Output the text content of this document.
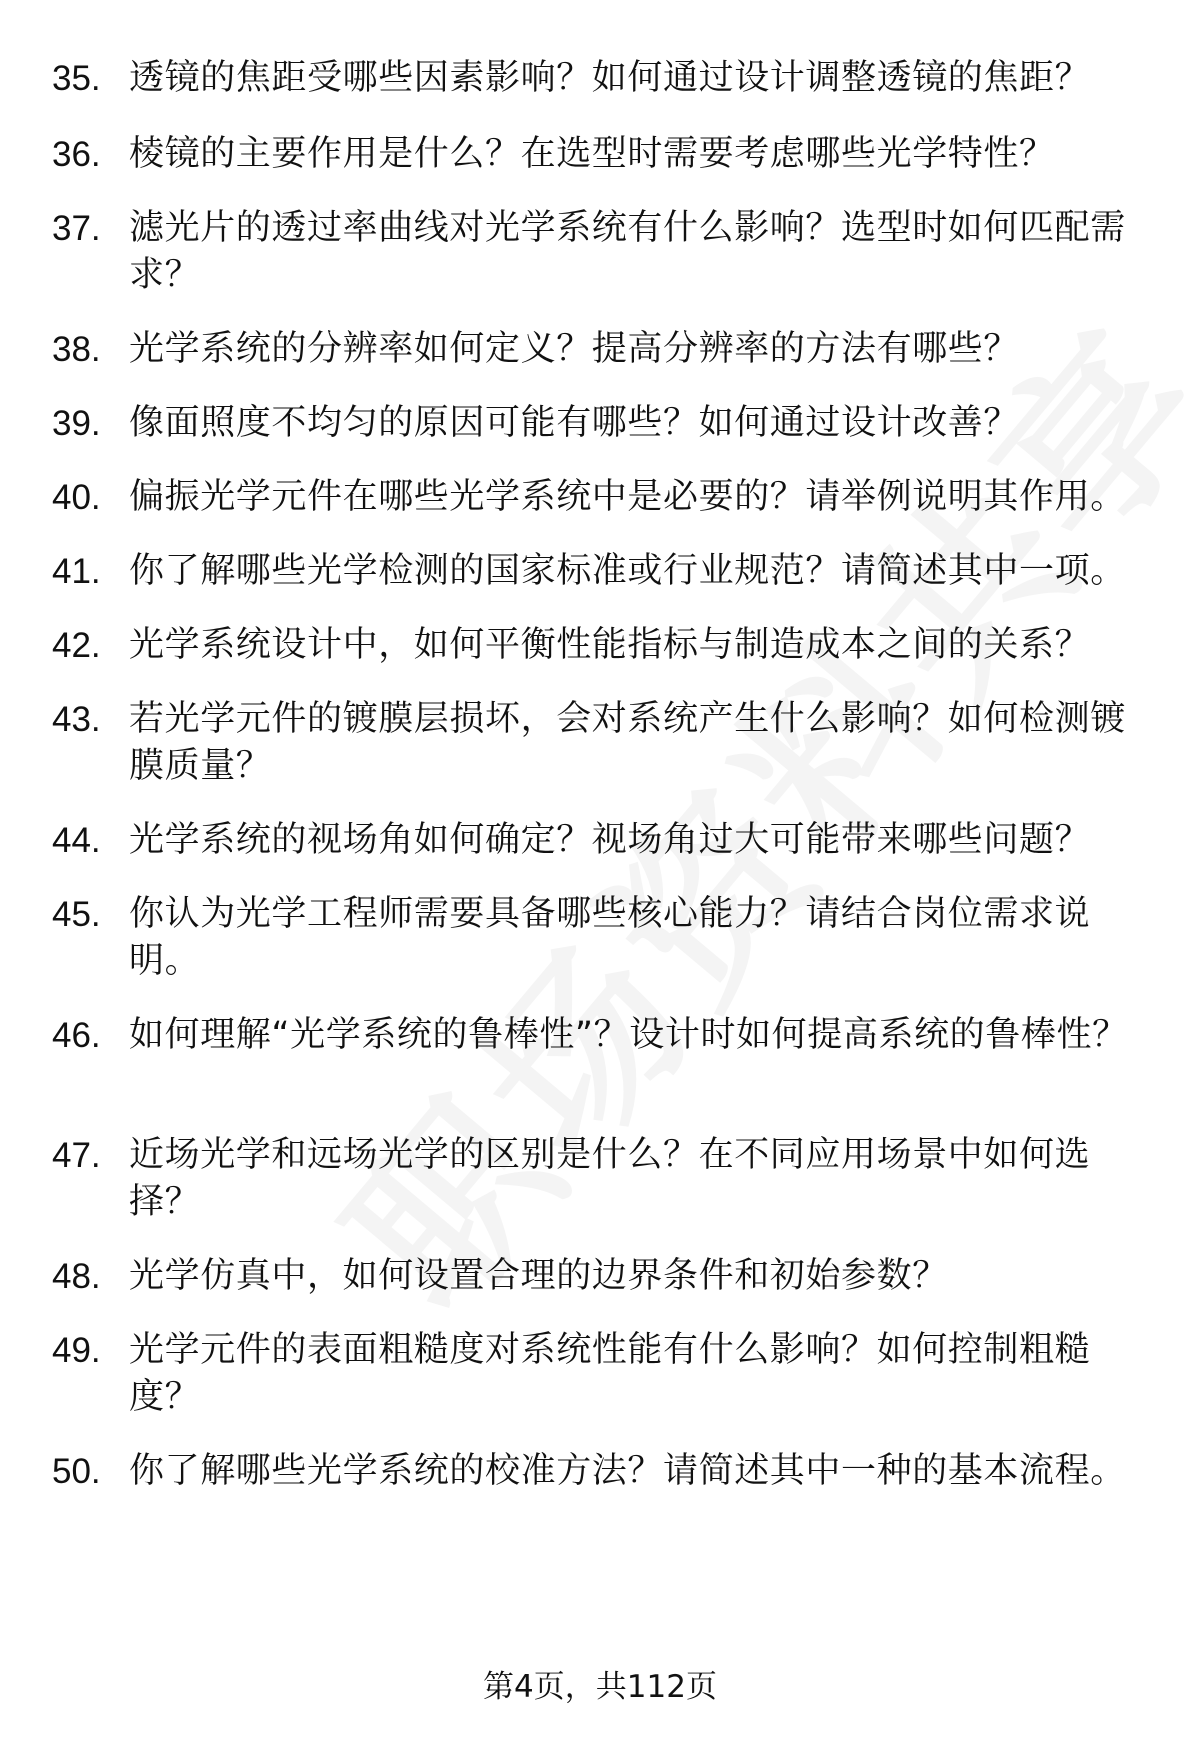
35. 透镜的焦距受哪些因素影响？如何通过设计调整透镜的焦距？
36. 棱镜的主要作用是什么？在选型时需要考虑哪些光学特性？
37. 滤光片的透过率曲线对光学系统有什么影响？选型时如何匹配需求？
38. 光学系统的分辨率如何定义？提高分辨率的方法有哪些？
39. 像面照度不均匀的原因可能有哪些？如何通过设计改善？
40. 偏振光学元件在哪些光学系统中是必要的？请举例说明其作用。
41. 你了解哪些光学检测的国家标准或行业规范？请简述其中一项。
42. 光学系统设计中，如何平衡性能指标与制造成本之间的关系？
43. 若光学元件的镀膜层损坏，会对系统产生什么影响？如何检测镀膜质量？
44. 光学系统的视场角如何确定？视场角过大可能带来哪些问题？
45. 你认为光学工程师需要具备哪些核心能力？请结合岗位需求说明。
46. 如何理解“光学系统的鲁棒性”？设计时如何提高系统的鲁棒性？
47. 近场光学和远场光学的区别是什么？在不同应用场景中如何选择？
48. 光学仿真中，如何设置合理的边界条件和初始参数？
49. 光学元件的表面粗糙度对系统性能有什么影响？如何控制粗糙度？
50. 你了解哪些光学系统的校准方法？请简述其中一种的基本流程。
第4页，共112页
